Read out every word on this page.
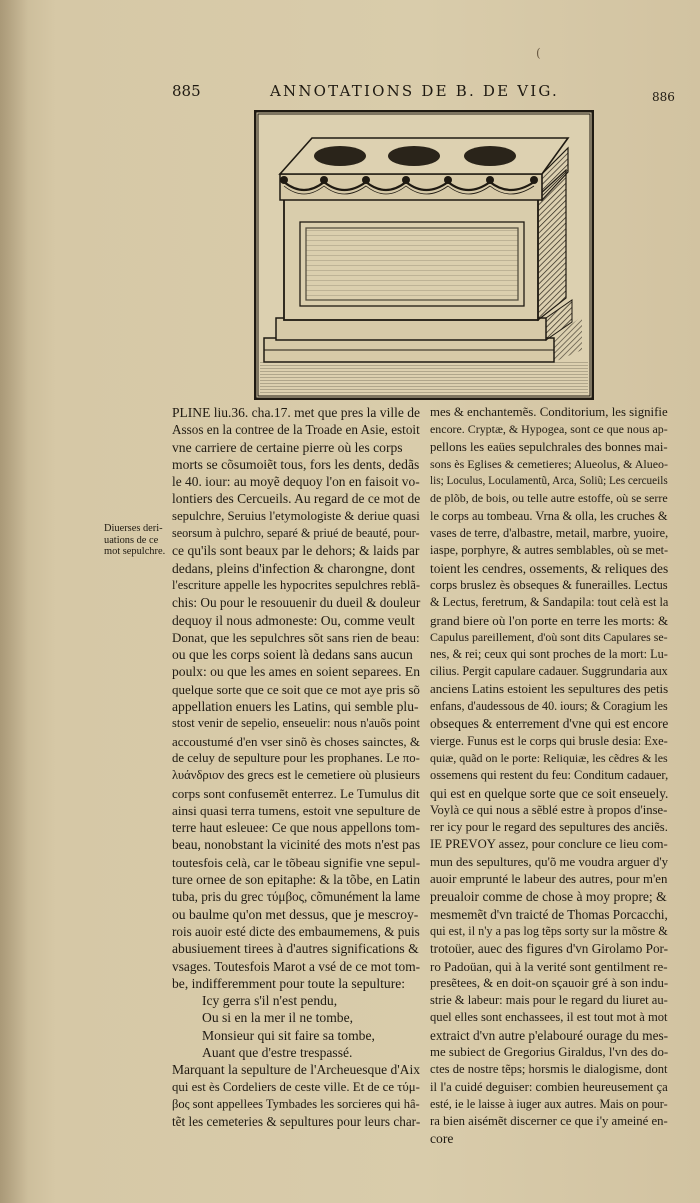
(
885	ANNOTATIONS DE B. DE VIG.	886
Diuerses deri-
uations de ce
mot sepulchre.
PLINE liu.36. cha.17. met que pres la ville de
Assos en la contree de la Troade en Asie, estoit
vne carriere de certaine pierre où les corps
morts se cõsumoiẽt tous, fors les dents, dedãs
le 40. iour: au moyẽ dequoy l'on en faisoit vo-
lontiers des Cercueils. Au regard de ce mot de
sepulchre, Seruius l'etymologiste & deriue quasi
seorsum à pulchro, separé & priué de beauté, pour-
ce qu'ils sont beaux par le dehors; & laids par
dedans, pleins d'infection & charongne, dont
l'escriture appelle les hypocrites sepulchres reblã-
chis: Ou pour le resouuenir du dueil & douleur
dequoy il nous admoneste: Ou, comme veult
Donat, que les sepulchres sõt sans rien de beau:
ou que les corps soient là dedans sans aucun
poulx: ou que les ames en soient separees. En
quelque sorte que ce soit que ce mot aye pris sõ
appellation enuers les Latins, qui semble plu-
stost venir de sepelio, enseuelir: nous n'auõs point
accoustumé d'en vser sinõ ès choses sainctes, &
de celuy de sepulture pour les prophanes. Le πο-
λυάνδριον des grecs est le cemetiere où plusieurs
corps sont confusemẽt enterrez. Le Tumulus dit
ainsi quasi terra tumens, estoit vne sepulture de
terre haut esleuee: Ce que nous appellons tom-
beau, nonobstant la vicinité des mots n'est pas
toutesfois celà, car le tõbeau signifie vne sepul-
ture ornee de son epitaphe: & la tõbe, en Latin
tuba, pris du grec τύμβος, cõmunément la lame
ou baulme qu'on met dessus, que je mescroy-
rois auoir esté dicte des embaumemens, & puis
abusiuement tirees à d'autres significations &
vsages. Toutesfois Marot a vsé de ce mot tom-
be, indifferemment pour toute la sepulture:
Icy gerra s'il n'est pendu,
Ou si en la mer il ne tombe,
Monsieur qui sit faire sa tombe,
Auant que d'estre trespassé.
Marquant la sepulture de l'Archeuesque d'Aix
qui est ès Cordeliers de ceste ville. Et de ce τύμ-
βος sont appellees Tymbades les sorcieres qui hâ-
tẽt les cemeteries & sepultures pour leurs char-
mes & enchantemẽs. Conditorium, les signifie
encore. Cryptæ, & Hypogea, sont ce que nous ap-
pellons les eaües sepulchrales des bonnes mai-
sons ès Eglises & cemetieres; Alueolus, & Alueo-
lis; Loculus, Loculamentũ, Arca, Soliũ; Les cercueils
de plõb, de bois, ou telle autre estoffe, où se serre
le corps au tombeau. Vrna & olla, les cruches &
vases de terre, d'albastre, metail, marbre, yuoire,
iaspe, porphyre, & autres semblables, où se met-
toient les cendres, ossements, & reliques des
corps bruslez ès obseques & funerailles. Lectus
& Lectus, feretrum, & Sandapila: tout celà est la
grand biere où l'on porte en terre les morts: &
Capulus pareillement, d'où sont dits Capulares se-
nes, & rei; ceux qui sont proches de la mort: Lu-
cilius. Pergit capulare cadauer. Suggrundaria aux
anciens Latins estoient les sepultures des petis
enfans, d'audessous de 40. iours; & Coragium les
obseques & enterrement d'vne qui est encore
vierge. Funus est le corps qui brusle desia: Exe-
quiæ, quãd on le porte: Reliquiæ, les cẽdres & les
ossemens qui restent du feu: Conditum cadauer,
qui est en quelque sorte que ce soit enseuely.
Voylà ce qui nous a sẽblé estre à propos d'inse-
rer icy pour le regard des sepultures des anciẽs.
IE PREVOY assez, pour conclure ce lieu com-
mun des sepultures, qu'õ me voudra arguer d'y
auoir emprunté le labeur des autres, pour m'en
preualoir comme de chose à moy propre; &
mesmemẽt d'vn traicté de Thomas Porcacchi,
qui est, il n'y a pas log tẽps sorty sur la mõstre &
trotoüer, auec des figures d'vn Girolamo Por-
ro Padoüan, qui à la verité sont gentilment re-
presẽtees, & en doit-on sçauoir gré à son indu-
strie & labeur: mais pour le regard du liuret au-
quel elles sont enchassees, il est tout mot à mot
extraict d'vn autre p'elabouré ourage du mes-
me subiect de Gregorius Giraldus, l'vn des do-
ctes de nostre tẽps; horsmis le dialogisme, dont
il l'a cuidé deguiser: combien heureusement ça
esté, ie le laisse à iuger aux autres. Mais on pour-
ra bien aisémẽt discerner ce que i'y ameiné en-
core
